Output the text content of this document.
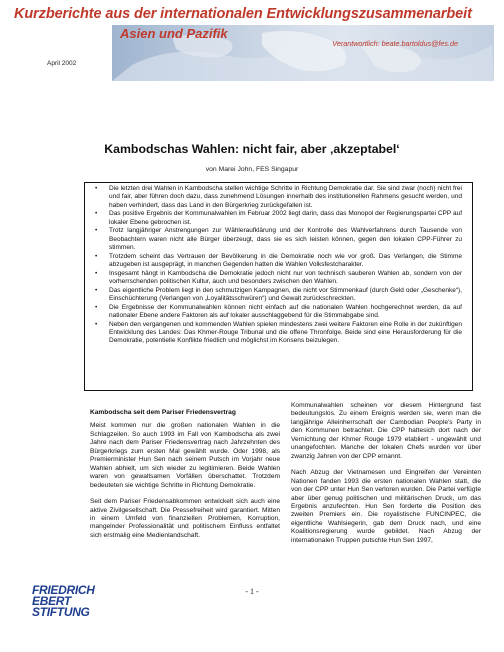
Kurzberichte aus der internationalen Entwicklungszusammenarbeit
Asien und Pazifik
Verantwortlich: beate.bartoldus@fes.de
April 2002
Kambodschas Wahlen: nicht fair, aber ‚akzeptabel‘
von Marei John, FES Singapur
• Die letzten drei Wahlen in Kambodscha stellen wichtige Schritte in Richtung Demokratie dar. Sie sind zwar (noch) nicht frei und fair, aber führen doch dazu, dass zunehmend Lösungen innerhalb des institutionellen Rahmens gesucht werden, und haben verhindert, dass das Land in den Bürgerkrieg zurückgefallen ist.
• Das positive Ergebnis der Kommunalwahlen im Februar 2002 liegt darin, dass das Monopol der Regierungspartei CPP auf lokaler Ebene gebrochen ist.
• Trotz langjähriger Anstrengungen zur Wähleraufklärung und der Kontrolle des Wahlverfahrens durch Tausende von Beobachtern waren nicht alle Bürger überzeugt, dass sie es sich leisten können, gegen den lokalen CPP-Führer zu stimmen.
• Trotzdem scheint das Vertrauen der Bevölkerung in die Demokratie noch wie vor groß. Das Verlangen, die Stimme abzugeben ist ausgeprägt, in manchen Gegenden hatten die Wahlen Volksfestcharakter.
• Insgesamt hängt in Kambodscha die Demokratie jedoch nicht nur von technisch sauberen Wahlen ab, sondern von der vorherrschenden politischen Kultur, auch und besonders zwischen den Wahlen.
• Das eigentliche Problem liegt in den schmutzigen Kampagnen, die nicht vor Stimmenkauf (durch Geld oder „Geschenke“), Einschüchterung (Verlangen von „Loyalitätsschwüren“) und Gewalt zurückschreckten.
• Die Ergebnisse der Kommunalwahlen können nicht einfach auf die nationalen Wahlen hochgerechnet werden, da auf nationaler Ebene andere Faktoren als auf lokaler ausschlaggebend für die Stimmabgabe sind.
• Neben den vergangenen und kommenden Wahlen spielen mindestens zwei weitere Faktoren eine Rolle in der zukünftigen Entwicklung des Landes: Das Khmer-Rouge Tribunal und die offene Thronfolge. Beide sind eine Herausforderung für die Demokratie, potentielle Konflikte friedlich und möglichst im Konsens beizulegen.
Kambodscha seit dem Pariser Friedensvertrag

Meist kommen nur die großen nationalen Wahlen in die Schlagzeilen. So auch 1993 im Fall von Kambodscha als zwei Jahre nach dem Pariser Friedensvertrag nach Jahrzehnten des Bürgerkriegs zum ersten Mal gewählt wurde. Oder 1998, als Premierminister Hun Sen nach seinem Putsch im Vorjahr neue Wahlen abhielt, um sich wieder zu legitimieren. Beide Wahlen waren von gewaltsamen Vorfällen überschattet. Trotzdem bedeuteten sie wichtige Schritte in Richtung Demokratie.

Seit dem Pariser Friedensabkommen entwickelt sich auch eine aktive Zivilgesellschaft. Die Pressefreiheit wird garantiert. Mitten in einem Umfeld von finanziellen Problemen, Korruption, mangelnder Professionalität und politischem Einfluss entfaltet sich erstmalig eine Medienlandschaft.

Kommunalwahlen scheinen vor diesem Hintergrund fast bedeutungslos. Zu einem Ereignis werden sie, wenn man die langjährige Alleinherrschaft der Cambodian People's Party in den Kommunen betrachtet. Die CPP hattesich dort nach der Vernichtung der Khmer Rouge 1979 etabliert - ungewählt und unangefochten. Manche der lokalen Chefs wurden vor über zwanzig Jahren von der CPP ernannt.

Nach Abzug der Vietnamesen und Eingreifen der Vereinten Nationen fanden 1993 die ersten nationalen Wahlen statt, die von der CPP unter Hun Sen verloren wurden. Die Partei verfügte aber über genug politischen und militärischen Druck, um das Ergebnis anzufechten. Hun Sen forderte die Position des zweiten Premiers ein. Die royalistische FUNCINPEC, die eigentliche Wahlsiegerin, gab dem Druck nach, und eine Koalitionsregierung wurde gebildet. Nach Abzug der internationalen Truppen putschte Hun Sen 1997,

- 1 -
FRIEDRICH
EBERT
STIFTUNG
